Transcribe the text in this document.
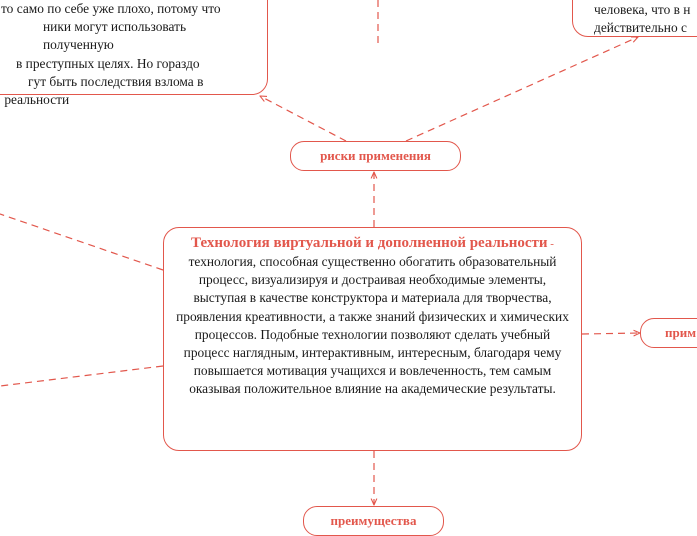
то само по себе уже плохо, потому что
ники могут использовать полученную
в преступных целях. Но гораздо
гут быть последствия взлома в
реальности
человека, что в н
действительно с
риски применения
Технология виртуальной и дополненной реальности - технология, способная существенно обогатить образовательный процесс, визуализируя и достраивая необходимые элементы, выступая в качестве конструктора и материала для творчества, проявления креативности, а также знаний физических и химических процессов. Подобные технологии позволяют сделать учебный процесс наглядным, интерактивным, интересным, благодаря чему повышается мотивация учащихся и вовлеченность, тем самым оказывая положительное влияние на академические результаты.
прим
преимущества
